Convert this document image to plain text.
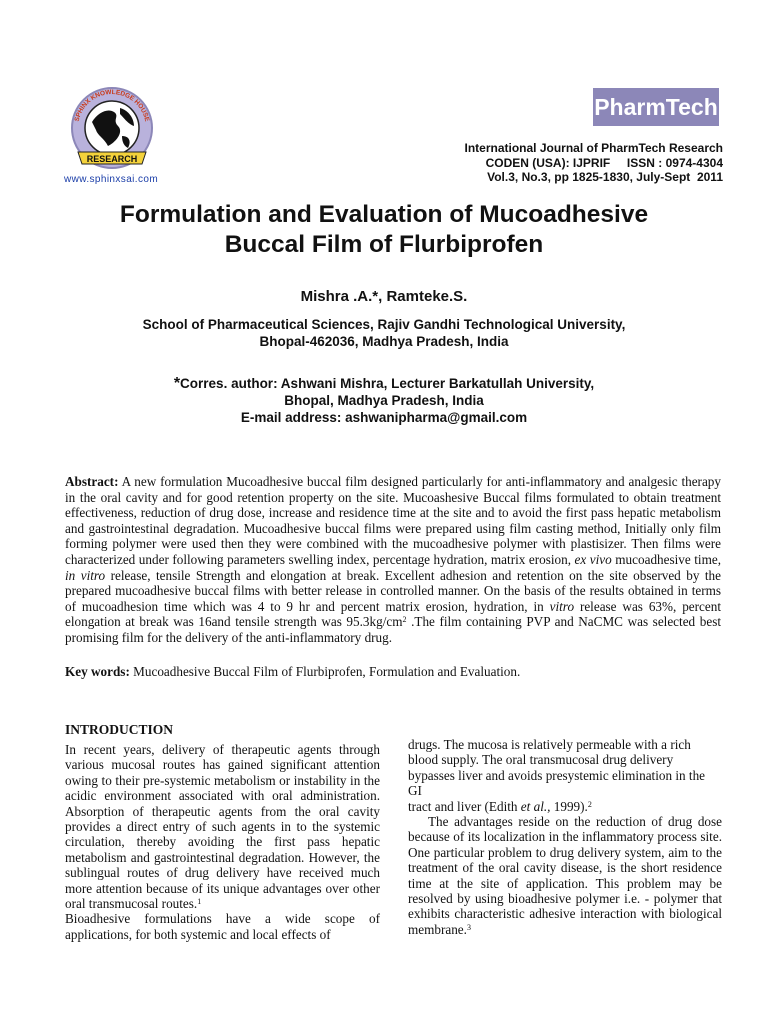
RESEARCH
SPHINX KNOWLEDGE HOUSE
www.sphinxsai.com
PharmTech
International Journal of PharmTech Research
CODEN (USA): IJPRIF     ISSN : 0974-4304
Vol.3, No.3, pp 1825-1830, July-Sept  2011
Formulation and Evaluation of Mucoadhesive
Buccal Film of Flurbiprofen
Mishra .A.*, Ramteke.S.
School of Pharmaceutical Sciences, Rajiv Gandhi Technological University,
Bhopal-462036, Madhya Pradesh, India
*Corres. author: Ashwani Mishra, Lecturer Barkatullah University,
Bhopal, Madhya Pradesh, India
E-mail address: ashwanipharma@gmail.com

Abstract: A new formulation Mucoadhesive buccal film designed particularly for anti-inflammatory and analgesic therapy in the oral cavity and for good retention property on the site. Mucoashesive Buccal films formulated to obtain treatment effectiveness, reduction of drug dose, increase and residence time at the site and to avoid the first pass hepatic metabolism and gastrointestinal degradation. Mucoadhesive buccal films were prepared using film casting method, Initially only film forming polymer were used then they were combined with the mucoadhesive polymer with plastisizer. Then films were characterized under following parameters swelling index, percentage hydration, matrix erosion, ex vivo mucoadhesive time, in vitro release, tensile Strength and elongation at break. Excellent adhesion and retention on the site observed by the prepared mucoadhesive buccal films with better release in controlled manner. On the basis of the results obtained in terms of mucoadhesion time which was 4 to 9 hr and percent matrix erosion, hydration, in vitro release was 63%, percent elongation at break was 16and tensile strength was $95.3kg/cm^2$ .The film containing PVP and NaCMC was selected best promising film for the delivery of the anti-inflammatory drug.

Key words: Mucoadhesive Buccal Film of Flurbiprofen, Formulation and Evaluation.
INTRODUCTION

In recent years, delivery of therapeutic agents through various mucosal routes has gained significant attention owing to their pre-systemic metabolism or instability in the acidic environment associated with oral administration. Absorption of therapeutic agents from the oral cavity provides a direct entry of such agents in to the systemic circulation, thereby avoiding the first pass hepatic metabolism and gastrointestinal degradation. However, the sublingual routes of drug delivery have received much more attention because of its unique advantages over other oral transmucosal routes.$^1$

Bioadhesive formulations have a wide scope of applications, for both systemic and local effects of

drugs. The mucosa is relatively permeable with a rich blood supply. The oral transmucosal drug delivery bypasses liver and avoids presystemic elimination in the GI

tract and liver (Edith et al., 1999).$^2$

The advantages reside on the reduction of drug dose because of its localization in the inflammatory process site. One particular problem to drug delivery system, aim to the treatment of the oral cavity disease, is the short residence time at the site of application. This problem may be resolved by using bioadhesive polymer i.e. - polymer that exhibits characteristic adhesive interaction with biological membrane.$^3$
